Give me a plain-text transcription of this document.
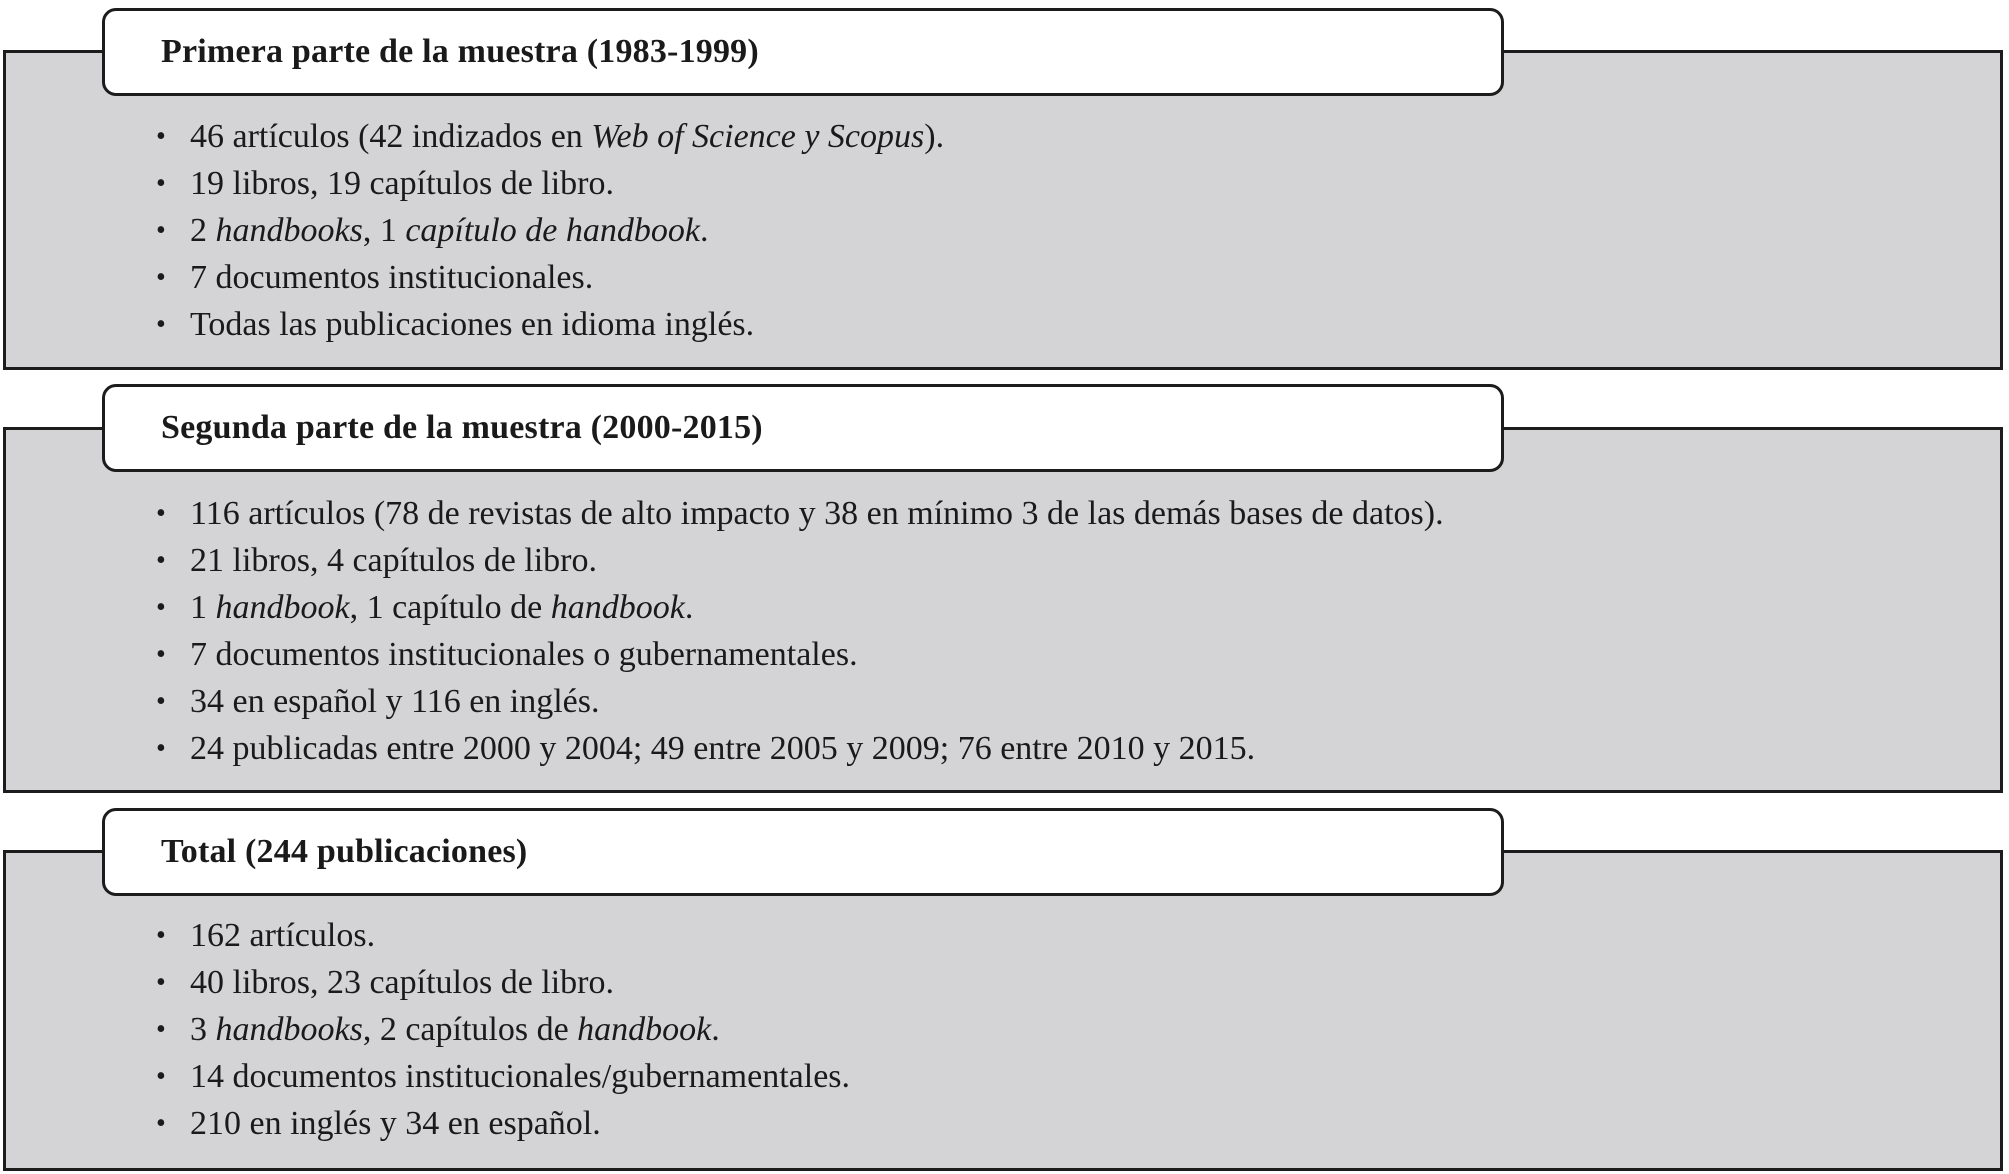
Primera parte de la muestra (1983-1999)
• 46 artículos (42 indizados en Web of Science y Scopus).
• 19 libros, 19 capítulos de libro.
• 2 handbooks, 1 capítulo de handbook.
• 7 documentos institucionales.
• Todas las publicaciones en idioma inglés.
Segunda parte de la muestra (2000-2015)
• 116 artículos (78 de revistas de alto impacto y 38 en mínimo 3 de las demás bases de datos).
• 21 libros, 4 capítulos de libro.
• 1 handbook, 1 capítulo de handbook.
• 7 documentos institucionales o gubernamentales.
• 34 en español y 116 en inglés.
• 24 publicadas entre 2000 y 2004; 49 entre 2005 y 2009; 76 entre 2010 y 2015.
Total (244 publicaciones)
• 162 artículos.
• 40 libros, 23 capítulos de libro.
• 3 handbooks, 2 capítulos de handbook.
• 14 documentos institucionales/gubernamentales.
• 210 en inglés y 34 en español.
